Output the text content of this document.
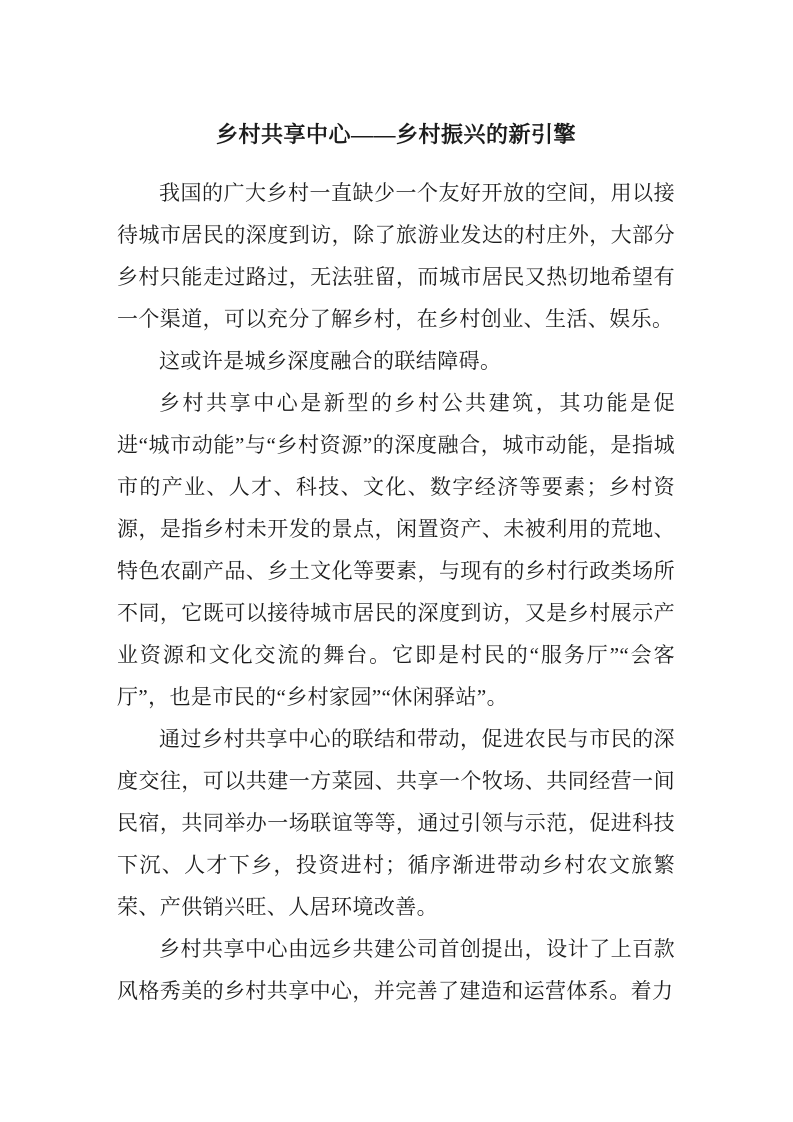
乡村共享中心——乡村振兴的新引擎

我国的广大乡村一直缺少一个友好开放的空间，用以接待城市居民的深度到访，除了旅游业发达的村庄外，大部分乡村只能走过路过，无法驻留，而城市居民又热切地希望有一个渠道，可以充分了解乡村，在乡村创业、生活、娱乐。

这或许是城乡深度融合的联结障碍。

乡村共享中心是新型的乡村公共建筑，其功能是促进“城市动能”与“乡村资源”的深度融合，城市动能，是指城市的产业、人才、科技、文化、数字经济等要素；乡村资源，是指乡村未开发的景点，闲置资产、未被利用的荒地、特色农副产品、乡土文化等要素，与现有的乡村行政类场所不同，它既可以接待城市居民的深度到访，又是乡村展示产业资源和文化交流的舞台。它即是村民的“服务厅”“会客厅”，也是市民的“乡村家园”“休闲驿站”。

通过乡村共享中心的联结和带动，促进农民与市民的深度交往，可以共建一方菜园、共享一个牧场、共同经营一间民宿，共同举办一场联谊等等，通过引领与示范，促进科技下沉、人才下乡，投资进村；循序渐进带动乡村农文旅繁荣、产供销兴旺、人居环境改善。

乡村共享中心由远乡共建公司首创提出，设计了上百款风格秀美的乡村共享中心，并完善了建造和运营体系。着力
